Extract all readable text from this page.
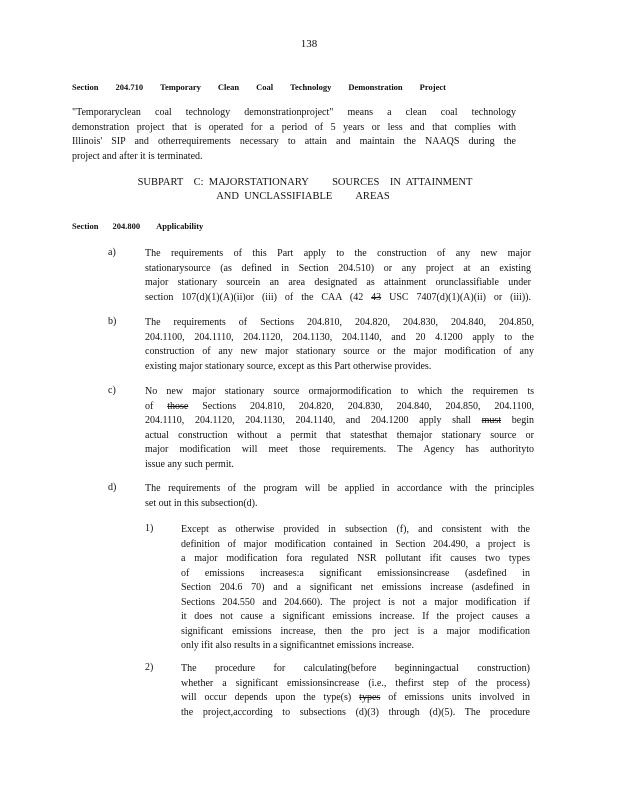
138
Section 204.710 Temporary Clean Coal Technology Demonstration Project
"Temporaryclean coal technology demonstrationproject" means a clean coal technology
demonstration project that is operated for a period of 5 years or less and that complies with
Illinois' SIP and otherrequirements necessary to attain and maintain the NAAQS during the
project and after it is terminated.
SUBPART    C:  MAJORSTATIONARY         SOURCES    IN  ATTAINMENT
AND  UNCLASSIFIABLE         AREAS
Section 204.800 Applicability
a)	The requirements of this Part apply to the construction of any new major
stationarysource (as defined in Section 204.510) or any project at an existing
major stationary sourcein an area designated as attainment orunclassifiable under
section 107(d)(1)(A)(ii)or (iii) of the CAA (42 43 USC 7407(d)(1)(A)(ii) or (iii)).
b)	The requirements of Sections 204.810, 204.820, 204.830, 204.840, 204.850,
204.1100, 204.1110, 204.1120, 204.1130, 204.1140, and 20 4.1200 apply to the
construction of any new major stationary source or the major modification of any
existing major stationary source, except as this Part otherwise provides.
c)	No new major stationary source ormajormodification to which the requiremen ts
of those Sections 204.810, 204.820, 204.830, 204.840, 204.850, 204.1100,
204.1110, 204.1120, 204.1130, 204.1140, and 204.1200 apply shall must begin
actual construction without a permit that statesthat themajor stationary source or
major modification will meet those requirements. The Agency has authorityto
issue any such permit.
d)	The requirements of the program will be applied in accordance with the principles
set out in this subsection(d).
1)	Except as otherwise provided in subsection (f), and consistent with the
definition of major modification contained in Section 204.490, a project is
a major modification fora regulated NSR pollutant ifit causes two types
of emissions increases:a significant emissionsincrease (asdefined in
Section 204.6 70) and a significant net emissions increase (asdefined in
Sections 204.550 and 204.660). The project is not a major modification if
it does not cause a significant emissions increase. If the project causes a
significant emissions increase, then the pro ject is a major modification
only ifit also results in a significantnet emissions increase.
2)	The procedure for calculating(before beginningactual construction)
whether a significant emissionsincrease (i.e., thefirst step of the process)
will occur depends upon the type(s) types of emissions units involved in
the project,according to subsections (d)(3) through (d)(5). The procedure
